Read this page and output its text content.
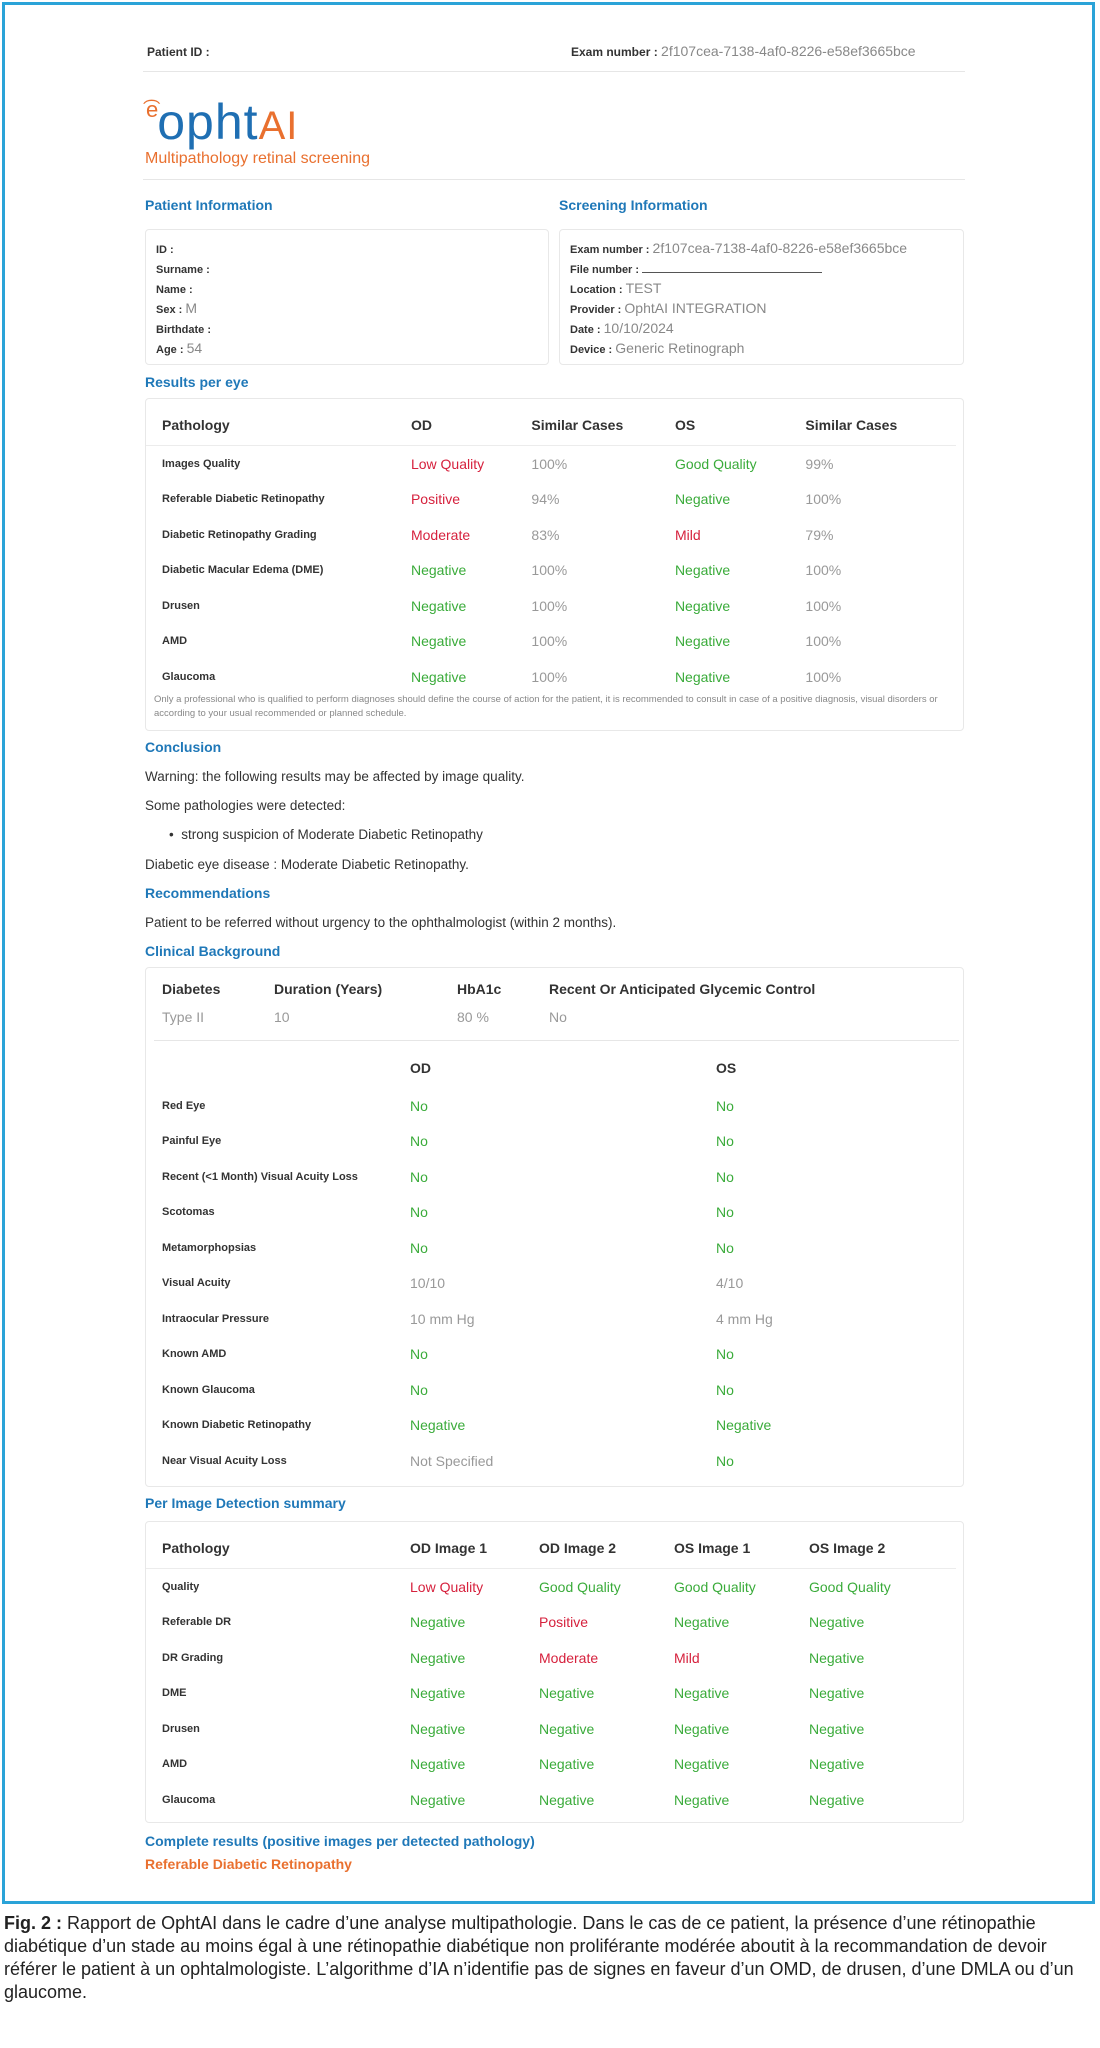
Patient ID :	Exam number : 2f107cea-7138-4af0-8226-e58ef3665bce
$^{͡e}$ophtAI
Multipathology retinal screening
Patient Information
ID :
Surname :
Name :
Sex : M
Birthdate :
Age : 54
Screening Information
Exam number : 2f107cea-7138-4af0-8226-e58ef3665bce
File number :
Location : TEST
Provider : OphtAI INTEGRATION
Date : 10/10/2024
Device : Generic Retinograph
Results per eye
Pathology	OD	Similar Cases	OS	Similar Cases
Images Quality	Low Quality	100%	Good Quality	99%
Referable Diabetic Retinopathy	Positive	94%	Negative	100%
Diabetic Retinopathy Grading	Moderate	83%	Mild	79%
Diabetic Macular Edema (DME)	Negative	100%	Negative	100%
Drusen	Negative	100%	Negative	100%
AMD	Negative	100%	Negative	100%
Glaucoma	Negative	100%	Negative	100%
Only a professional who is qualified to perform diagnoses should define the course of action for the patient, it is recommended to consult in case of a positive diagnosis, visual disorders or according to your usual recommended or planned schedule.
Conclusion
Warning: the following results may be affected by image quality.
Some pathologies were detected:
•  strong suspicion of Moderate Diabetic Retinopathy
Diabetic eye disease : Moderate Diabetic Retinopathy.
Recommendations
Patient to be referred without urgency to the ophthalmologist (within 2 months).
Clinical Background
Diabetes	Duration (Years)	HbA1c	Recent Or Anticipated Glycemic Control
Type II	10	80 %	No
	OD	OS
Red Eye	No	No
Painful Eye	No	No
Recent (<1 Month) Visual Acuity Loss	No	No
Scotomas	No	No
Metamorphopsias	No	No
Visual Acuity	10/10	4/10
Intraocular Pressure	10 mm Hg	4 mm Hg
Known AMD	No	No
Known Glaucoma	No	No
Known Diabetic Retinopathy	Negative	Negative
Near Visual Acuity Loss	Not Specified	No
Per Image Detection summary
Pathology	OD Image 1	OD Image 2	OS Image 1	OS Image 2
Quality	Low Quality	Good Quality	Good Quality	Good Quality
Referable DR	Negative	Positive	Negative	Negative
DR Grading	Negative	Moderate	Mild	Negative
DME	Negative	Negative	Negative	Negative
Drusen	Negative	Negative	Negative	Negative
AMD	Negative	Negative	Negative	Negative
Glaucoma	Negative	Negative	Negative	Negative
Complete results (positive images per detected pathology)
Referable Diabetic Retinopathy
Fig. 2 : Rapport de OphtAI dans le cadre d’une analyse multipathologie. Dans le cas de ce patient, la présence d’une rétinopathie diabétique d’un stade au moins égal à une rétinopathie diabétique non proliférante modérée aboutit à la recommandation de devoir référer le patient à un ophtalmologiste. L’algorithme d’IA n’identifie pas de signes en faveur d’un OMD, de drusen, d’une DMLA ou d’un glaucome.
